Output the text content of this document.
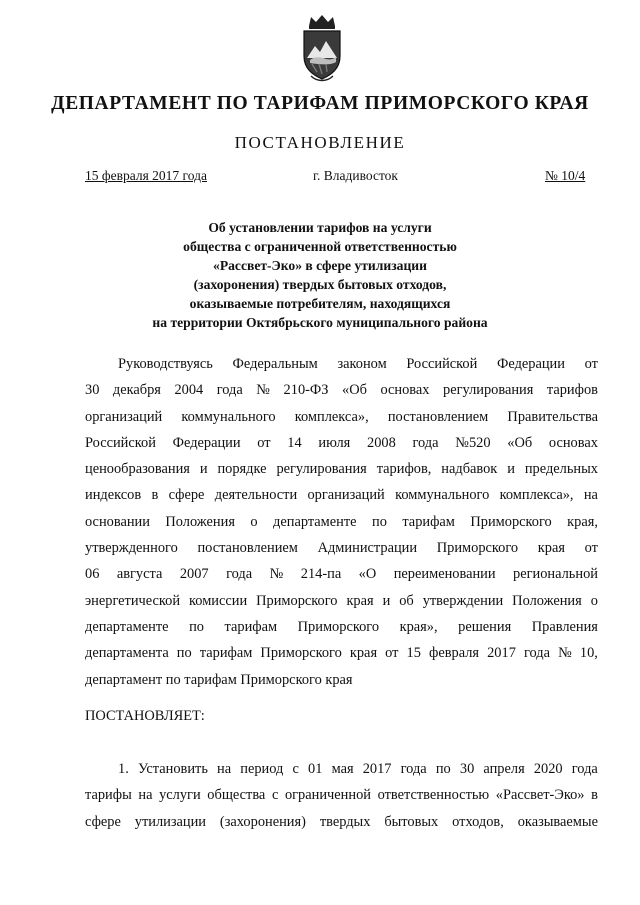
ДЕПАРТАМЕНТ ПО ТАРИФАМ ПРИМОРСКОГО КРАЯ
ПОСТАНОВЛЕНИЕ
15 февраля 2017 года	г. Владивосток	№ 10/4
Об установлении тарифов на услуги
общества с ограниченной ответственностью
«Рассвет-Эко» в сфере утилизации
(захоронения) твердых бытовых отходов,
оказываемые потребителям, находящихся
на территории Октябрьского муниципального района
Руководствуясь Федеральным законом Российской Федерации от
30 декабря 2004 года № 210-ФЗ «Об основах регулирования тарифов
организаций коммунального комплекса», постановлением Правительства
Российской Федерации от 14 июля 2008 года №520 «Об основах
ценообразования и порядке регулирования тарифов, надбавок и предельных
индексов в сфере деятельности организаций коммунального комплекса», на
основании Положения о департаменте по тарифам Приморского края,
утвержденного постановлением Администрации Приморского края от
06 августа 2007 года № 214-па «О переименовании региональной
энергетической комиссии Приморского края и об утверждении Положения о
департаменте по тарифам Приморского края», решения Правления
департамента по тарифам Приморского края от 15 февраля 2017 года № 10,
департамент по тарифам Приморского края
ПОСТАНОВЛЯЕТ:
1. Установить на период с 01 мая 2017 года по 30 апреля 2020 года
тарифы на услуги общества с ограниченной ответственностью «Рассвет-Эко» в
сфере утилизации (захоронения) твердых бытовых отходов, оказываемые
